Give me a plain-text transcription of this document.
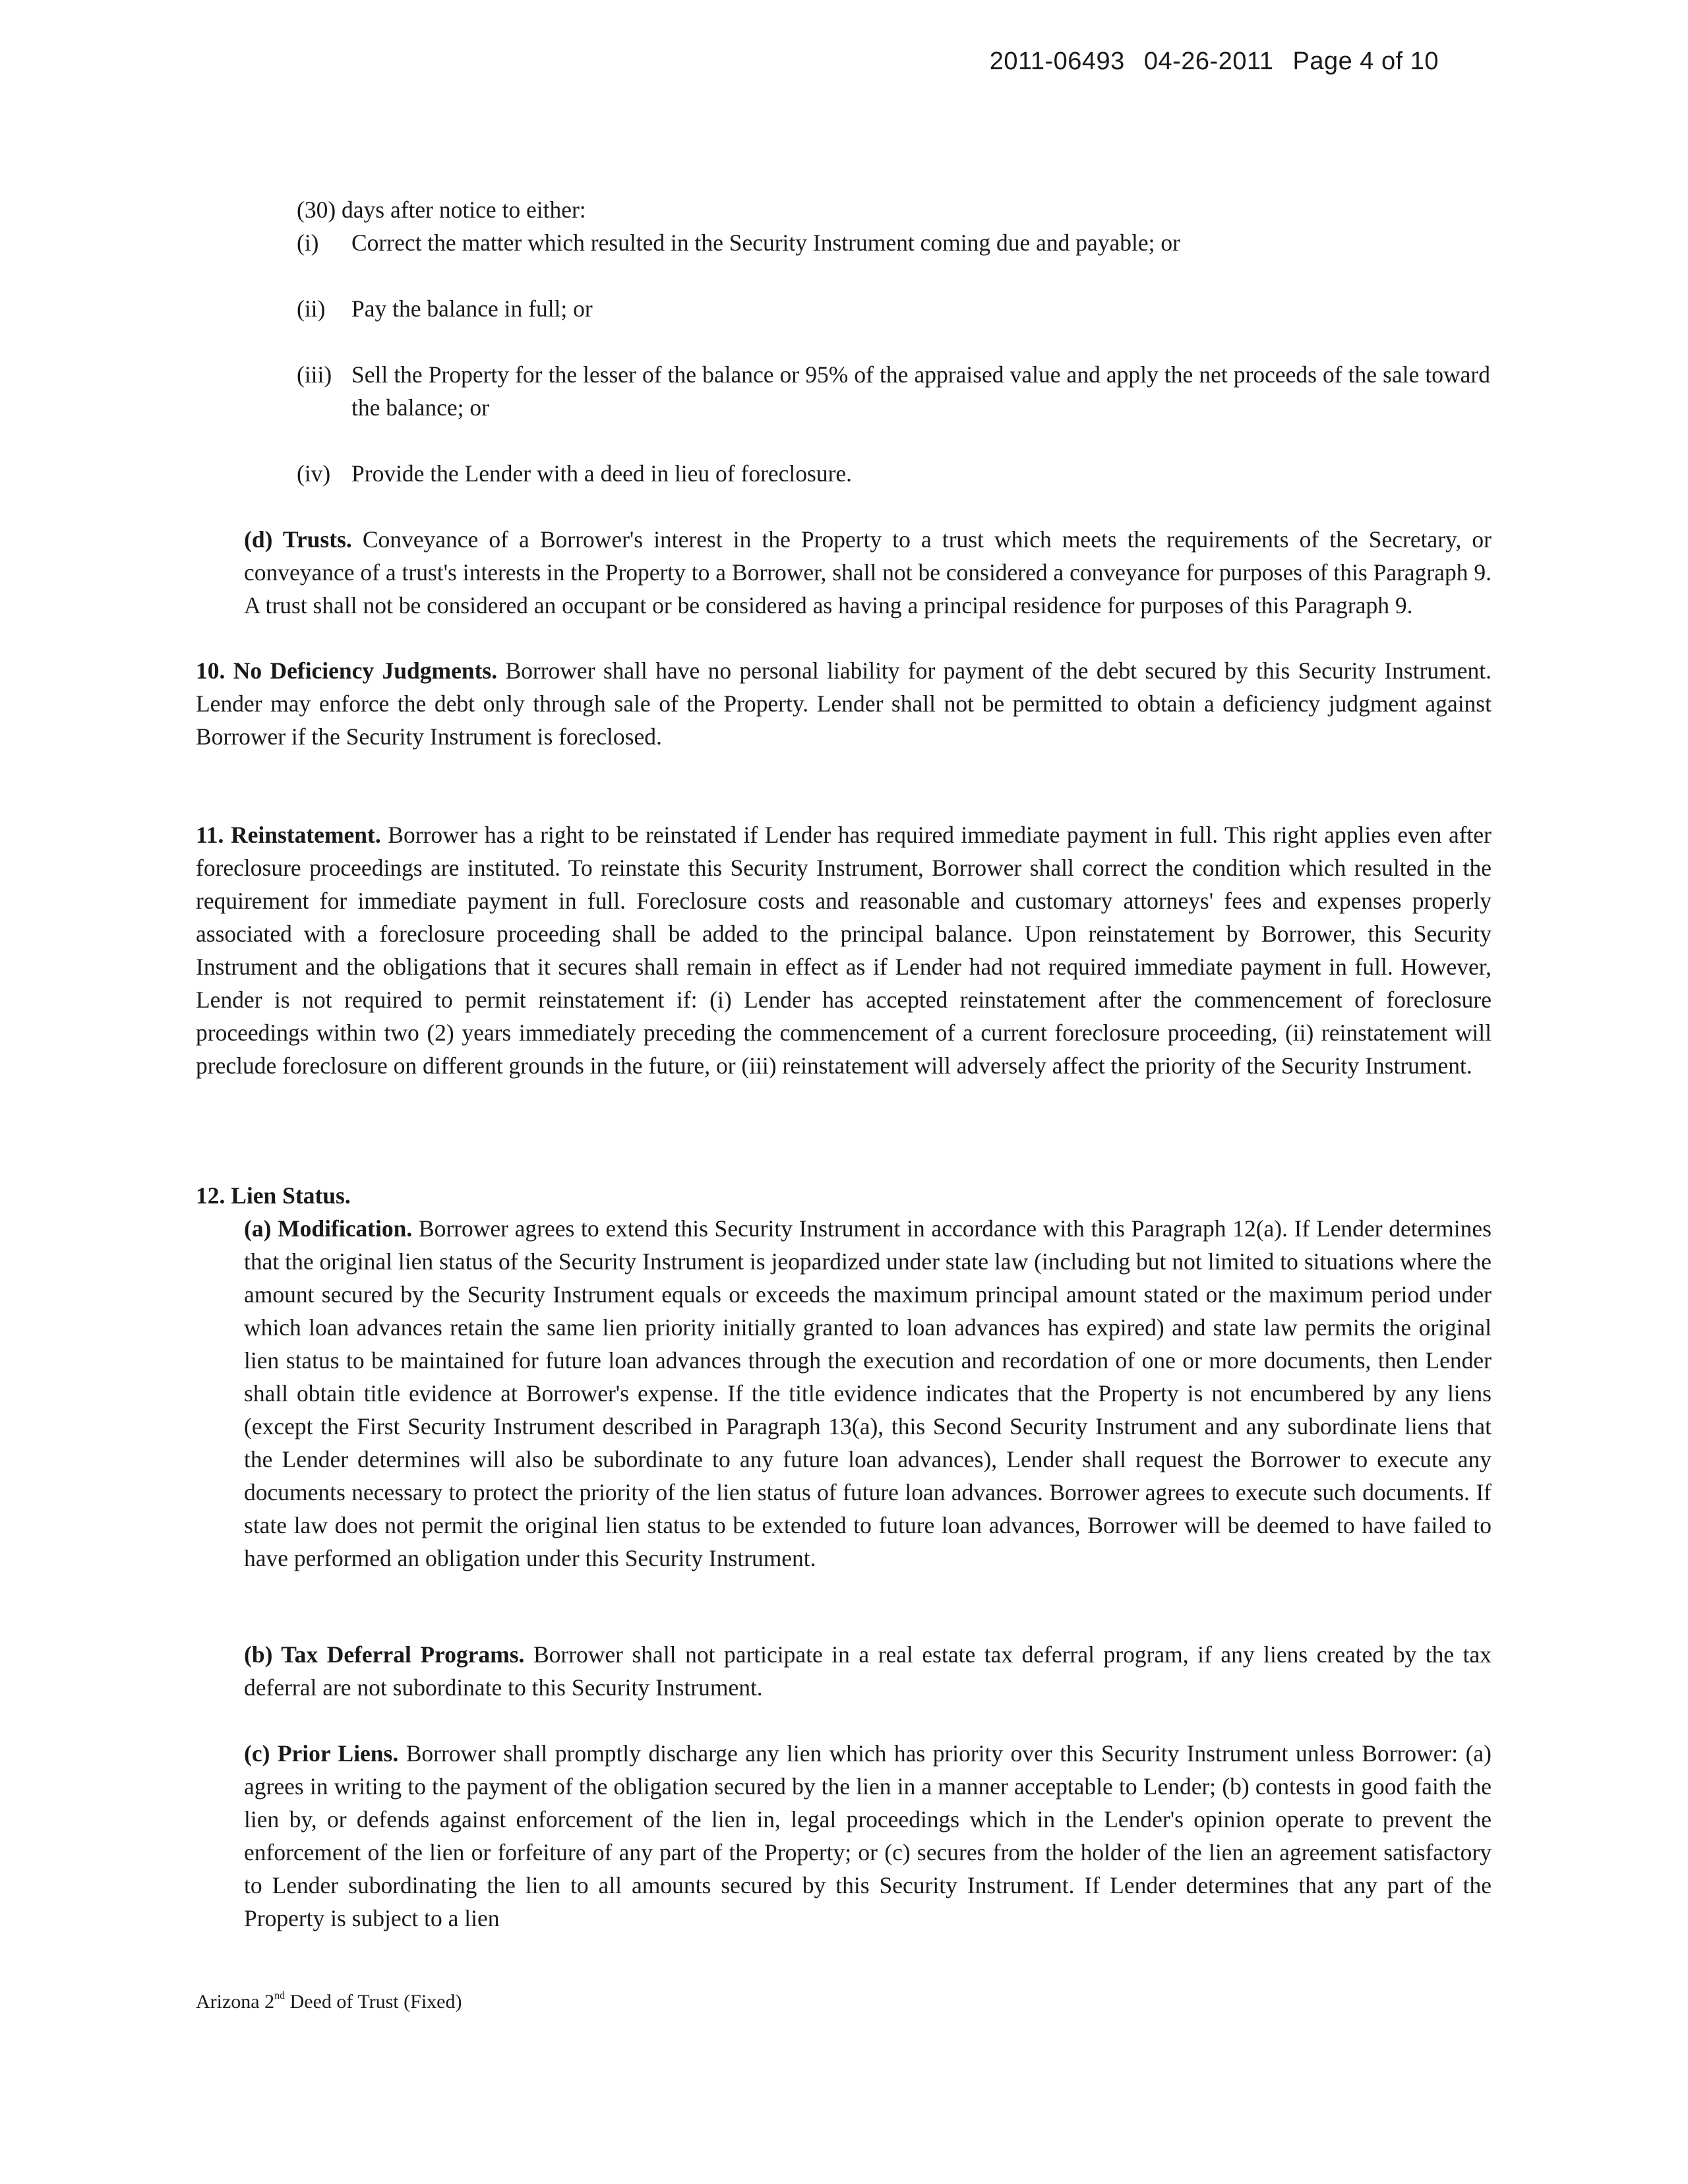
2011-06493 04-26-2011 Page 4 of 10

(30) days after notice to either:

(i) Correct the matter which resulted in the Security Instrument coming due and payable; or
(ii) Pay the balance in full; or
(iii) Sell the Property for the lesser of the balance or 95% of the appraised value and apply the net proceeds of the sale toward the balance; or
(iv) Provide the Lender with a deed in lieu of foreclosure.

(d) Trusts. Conveyance of a Borrower's interest in the Property to a trust which meets the requirements of the Secretary, or conveyance of a trust's interests in the Property to a Borrower, shall not be considered a conveyance for purposes of this Paragraph 9. A trust shall not be considered an occupant or be considered as having a principal residence for purposes of this Paragraph 9.

10. No Deficiency Judgments. Borrower shall have no personal liability for payment of the debt secured by this Security Instrument. Lender may enforce the debt only through sale of the Property. Lender shall not be permitted to obtain a deficiency judgment against Borrower if the Security Instrument is foreclosed.

11. Reinstatement. Borrower has a right to be reinstated if Lender has required immediate payment in full. This right applies even after foreclosure proceedings are instituted. To reinstate this Security Instrument, Borrower shall correct the condition which resulted in the requirement for immediate payment in full. Foreclosure costs and reasonable and customary attorneys' fees and expenses properly associated with a foreclosure proceeding shall be added to the principal balance. Upon reinstatement by Borrower, this Security Instrument and the obligations that it secures shall remain in effect as if Lender had not required immediate payment in full. However, Lender is not required to permit reinstatement if: (i) Lender has accepted reinstatement after the commencement of foreclosure proceedings within two (2) years immediately preceding the commencement of a current foreclosure proceeding, (ii) reinstatement will preclude foreclosure on different grounds in the future, or (iii) reinstatement will adversely affect the priority of the Security Instrument.

12. Lien Status.

(a) Modification. Borrower agrees to extend this Security Instrument in accordance with this Paragraph 12(a). If Lender determines that the original lien status of the Security Instrument is jeopardized under state law (including but not limited to situations where the amount secured by the Security Instrument equals or exceeds the maximum principal amount stated or the maximum period under which loan advances retain the same lien priority initially granted to loan advances has expired) and state law permits the original lien status to be maintained for future loan advances through the execution and recordation of one or more documents, then Lender shall obtain title evidence at Borrower's expense. If the title evidence indicates that the Property is not encumbered by any liens (except the First Security Instrument described in Paragraph 13(a), this Second Security Instrument and any subordinate liens that the Lender determines will also be subordinate to any future loan advances), Lender shall request the Borrower to execute any documents necessary to protect the priority of the lien status of future loan advances. Borrower agrees to execute such documents. If state law does not permit the original lien status to be extended to future loan advances, Borrower will be deemed to have failed to have performed an obligation under this Security Instrument.

(b) Tax Deferral Programs. Borrower shall not participate in a real estate tax deferral program, if any liens created by the tax deferral are not subordinate to this Security Instrument.

(c) Prior Liens. Borrower shall promptly discharge any lien which has priority over this Security Instrument unless Borrower: (a) agrees in writing to the payment of the obligation secured by the lien in a manner acceptable to Lender; (b) contests in good faith the lien by, or defends against enforcement of the lien in, legal proceedings which in the Lender's opinion operate to prevent the enforcement of the lien or forfeiture of any part of the Property; or (c) secures from the holder of the lien an agreement satisfactory to Lender subordinating the lien to all amounts secured by this Security Instrument. If Lender determines that any part of the Property is subject to a lien

Arizona 2nd Deed of Trust (Fixed)
